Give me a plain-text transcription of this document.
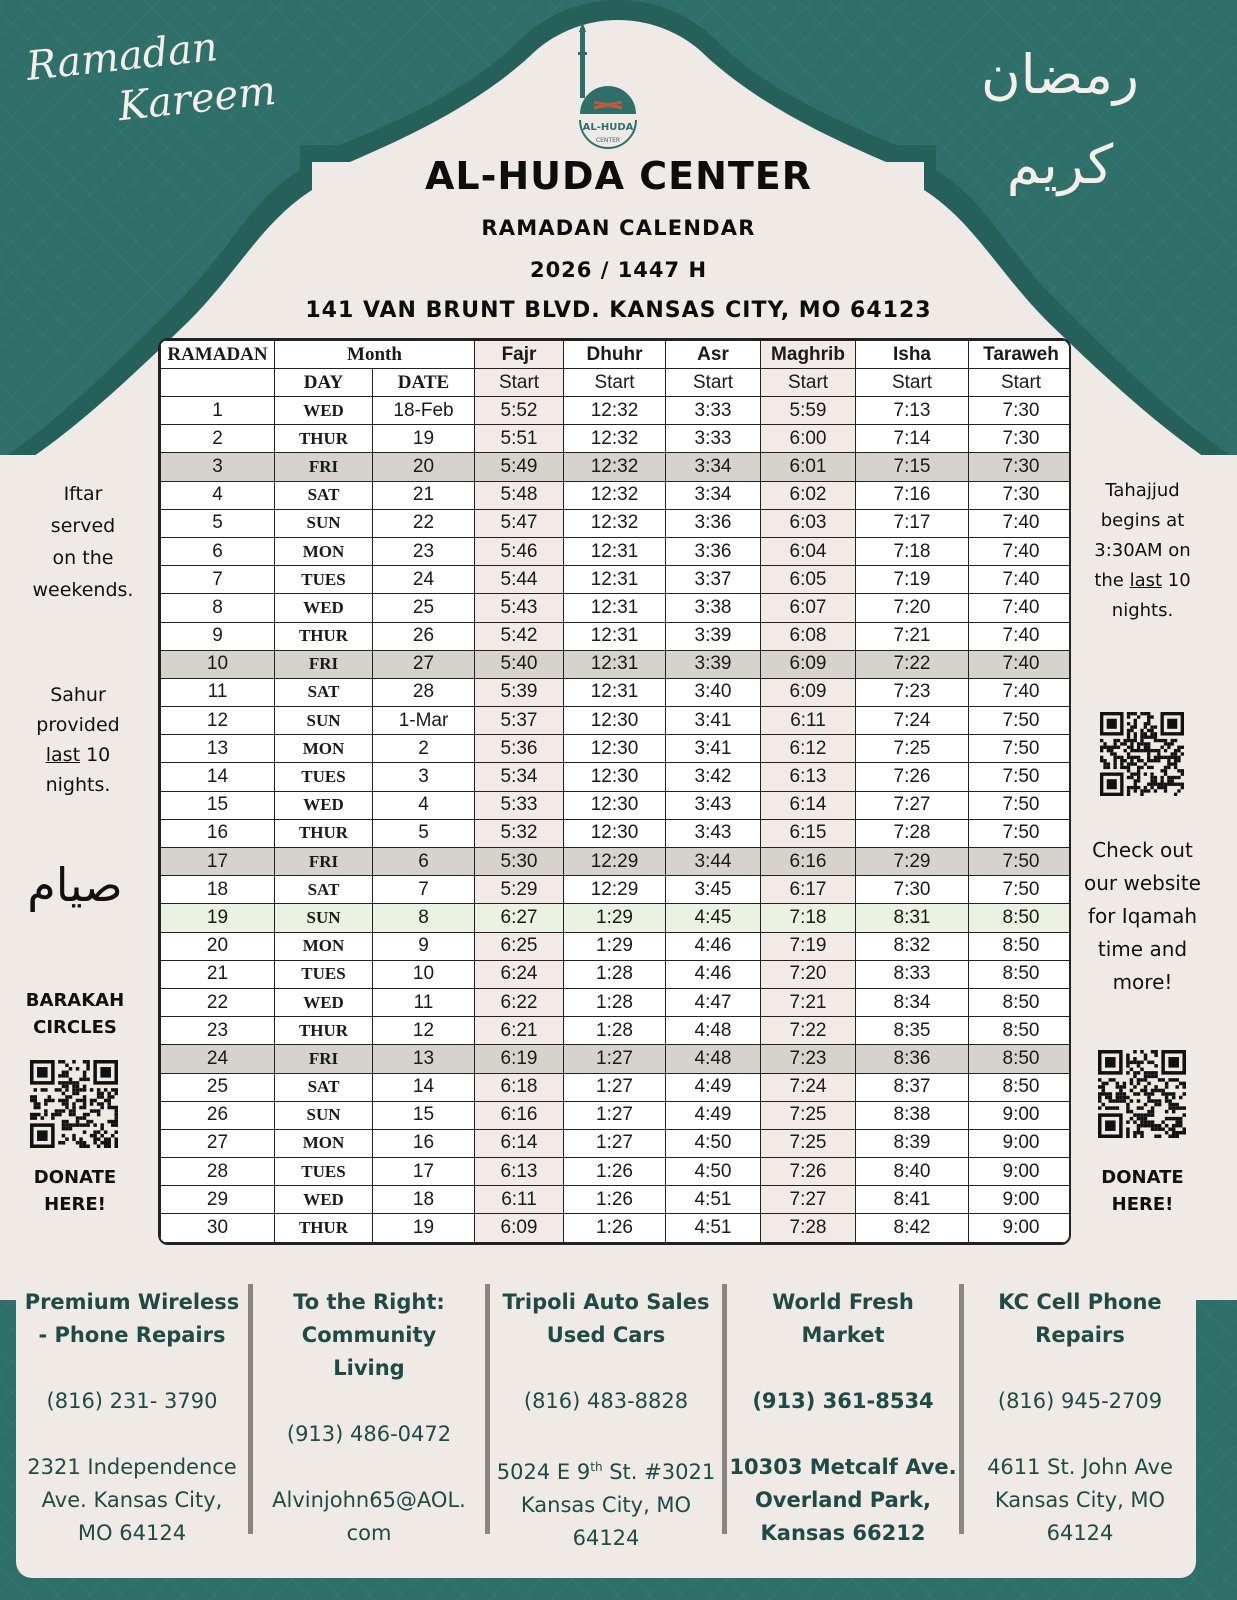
Ramadan
Kareem	رمضان كريم
AL-HUDA
CENTER
AL-HUDA CENTER
RAMADAN CALENDAR
2026 / 1447 H
141 VAN BRUNT BLVD. KANSAS CITY, MO 64123
RAMADAN	Month		Fajr	Dhuhr	Asr	Maghrib	Isha	Taraweh
	DAY	DATE	Start	Start	Start	Start	Start	Start
1	WED	18-Feb	5:52	12:32	3:33	5:59	7:13	7:30
2	THUR	19	5:51	12:32	3:33	6:00	7:14	7:30
3	FRI	20	5:49	12:32	3:34	6:01	7:15	7:30
4	SAT	21	5:48	12:32	3:34	6:02	7:16	7:30
5	SUN	22	5:47	12:32	3:36	6:03	7:17	7:40
6	MON	23	5:46	12:31	3:36	6:04	7:18	7:40
7	TUES	24	5:44	12:31	3:37	6:05	7:19	7:40
8	WED	25	5:43	12:31	3:38	6:07	7:20	7:40
9	THUR	26	5:42	12:31	3:39	6:08	7:21	7:40
10	FRI	27	5:40	12:31	3:39	6:09	7:22	7:40
11	SAT	28	5:39	12:31	3:40	6:09	7:23	7:40
12	SUN	1-Mar	5:37	12:30	3:41	6:11	7:24	7:50
13	MON	2	5:36	12:30	3:41	6:12	7:25	7:50
14	TUES	3	5:34	12:30	3:42	6:13	7:26	7:50
15	WED	4	5:33	12:30	3:43	6:14	7:27	7:50
16	THUR	5	5:32	12:30	3:43	6:15	7:28	7:50
17	FRI	6	5:30	12:29	3:44	6:16	7:29	7:50
18	SAT	7	5:29	12:29	3:45	6:17	7:30	7:50
19	SUN	8	6:27	1:29	4:45	7:18	8:31	8:50
20	MON	9	6:25	1:29	4:46	7:19	8:32	8:50
21	TUES	10	6:24	1:28	4:46	7:20	8:33	8:50
22	WED	11	6:22	1:28	4:47	7:21	8:34	8:50
23	THUR	12	6:21	1:28	4:48	7:22	8:35	8:50
24	FRI	13	6:19	1:27	4:48	7:23	8:36	8:50
25	SAT	14	6:18	1:27	4:49	7:24	8:37	8:50
26	SUN	15	6:16	1:27	4:49	7:25	8:38	9:00
27	MON	16	6:14	1:27	4:50	7:25	8:39	9:00
28	TUES	17	6:13	1:26	4:50	7:26	8:40	9:00
29	WED	18	6:11	1:26	4:51	7:27	8:41	9:00
30	THUR	19	6:09	1:26	4:51	7:28	8:42	9:00
Iftar
served
on the
weekends.
Sahur
provided
last 10
nights.
صيام
BARAKAH
CIRCLES
DONATE
HERE!
Tahajjud
begins at
3:30AM on
the last 10
nights.
Check out
our website
for Iqamah
time and
more!
DONATE
HERE!
Premium Wireless
- Phone Repairs
(816) 231- 3790
2321 Independence
Ave. Kansas City,
MO 64124
To the Right:
Community
Living
(913) 486-0472
Alvinjohn65@AOL.
com
Tripoli Auto Sales
Used Cars
(816) 483-8828
5024 E 9th St. #3021
Kansas City, MO
64124
World Fresh
Market
(913) 361-8534
10303 Metcalf Ave.
Overland Park,
Kansas 66212
KC Cell Phone
Repairs
(816) 945-2709
4611 St. John Ave
Kansas City, MO
64124
